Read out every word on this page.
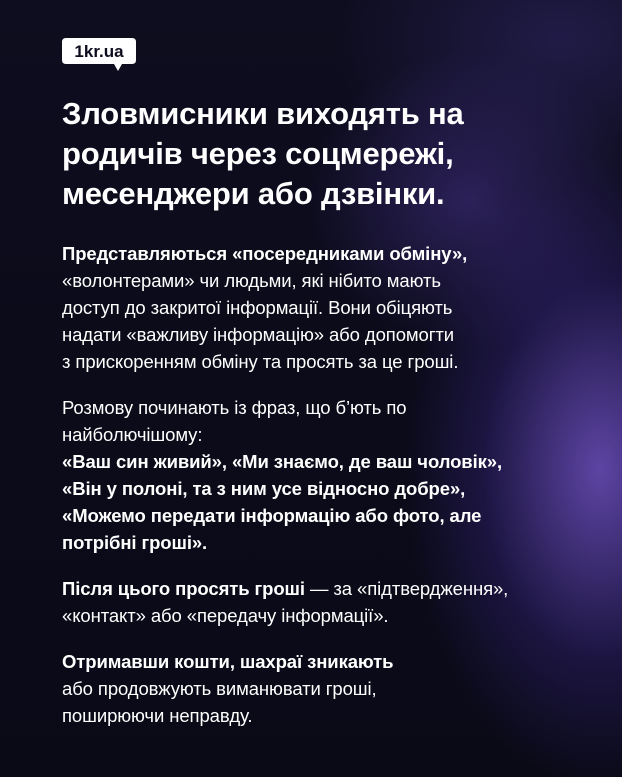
1kr.ua
Зловмисники виходять на
родичів через соцмережі,
месенджери або дзвінки.

Представляються «посередниками обміну»,
«волонтерами» чи людьми, які нібито мають
доступ до закритої інформації. Вони обіцяють
надати «важливу інформацію» або допомогти
з прискоренням обміну та просять за це гроші.

Розмову починають із фраз, що б’ють по
найболючішому:
«Ваш син живий», «Ми знаємо, де ваш чоловік»,
«Він у полоні, та з ним усе відносно добре»,
«Можемо передати інформацію або фото, але
потрібні гроші».

Після цього просять гроші — за «підтвердження»,
«контакт» або «передачу інформації».

Отримавши кошти, шахраї зникають
або продовжують виманювати гроші,
поширюючи неправду.
